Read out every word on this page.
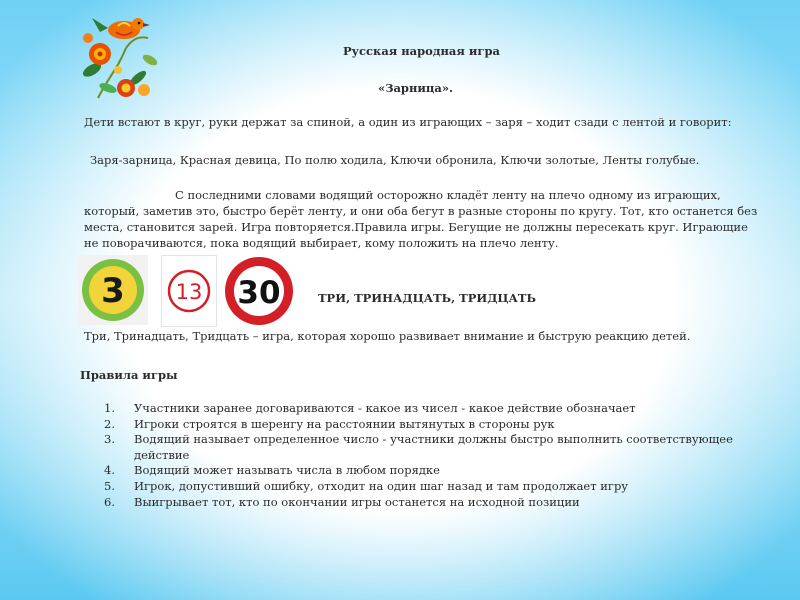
Русская народная игра
«Зарница».
Дети встают в круг, руки держат за спиной, а один из играющих – заря – ходит сзади с лентой и говорит:
Заря-зарница, Красная девица, По полю ходила, Ключи обронила, Ключи золотые, Ленты голубые.
С последними словами водящий осторожно кладёт ленту на плечо одному из играющих,
который, заметив это, быстро берёт ленту, и они оба бегут в разные стороны по кругу. Тот, кто останется без
места, становится зарей. Игра повторяется.Правила игры. Бегущие не должны пересекать круг. Играющие
не поворачиваются, пока водящий выбирает, кому положить на плечо ленту.
3 13 30	ТРИ, ТРИНАДЦАТЬ, ТРИДЦАТЬ
Три, Тринадцать, Тридцать – игра, которая хорошо развивает внимание и быструю реакцию детей.
Правила игры
1. Участники заранее договариваются - какое из чисел - какое действие обозначает
2. Игроки строятся в шеренгу на расстоянии вытянутых в стороны рук
3. Водящий называет определенное число - участники должны быстро выполнить соответствующее
действие
4. Водящий может называть числа в любом порядке
5. Игрок, допустивший ошибку, отходит на один шаг назад и там продолжает игру
6. Выигрывает тот, кто по окончании игры останется на исходной позиции
